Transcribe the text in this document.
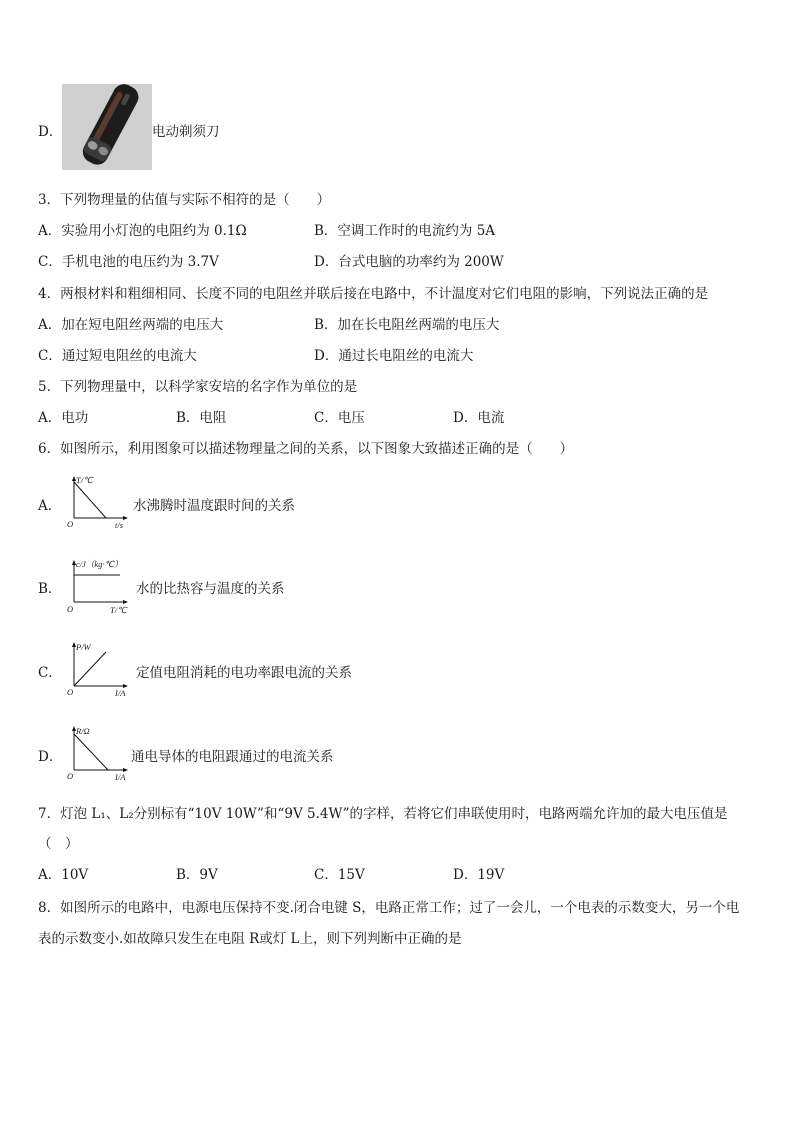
D．	电动剃须刀
3．下列物理量的估值与实际不相符的是（　　）
A．实验用小灯泡的电阻约为 0.1Ω	B．空调工作时的电流约为 5A
C．手机电池的电压约为 3.7V	D．台式电脑的功率约为 200W
4．两根材料和粗细相同、长度不同的电阻丝并联后接在电路中，不计温度对它们电阻的影响，下列说法正确的是
A．加在短电阻丝两端的电压大	B．加在长电阻丝两端的电压大
C．通过短电阻丝的电流大	D．通过长电阻丝的电流大
5．下列物理量中，以科学家安培的名字作为单位的是
A．电功	B．电阻	C．电压	D．电流
6．如图所示，利用图象可以描述物理量之间的关系，以下图象大致描述正确的是（　　）
A．
T/℃
t/s
O
水沸腾时温度跟时间的关系
B．
c/J（kg·℃）
T/℃
O
水的比热容与温度的关系
C．
P/W
I/A
O
定值电阻消耗的电功率跟电流的关系
D．
R/Ω
I/A
O
通电导体的电阻跟通过的电流关系
7．灯泡 L₁、L₂分别标有“10V 10W”和“9V 5.4W”的字样，若将它们串联使用时，电路两端允许加的最大电压值是
（　）
A．10V	B．9V	C．15V	D．19V
8．如图所示的电路中，电源电压保持不变.闭合电键 S，电路正常工作；过了一会儿，一个电表的示数变大，另一个电
表的示数变小.如故障只发生在电阻 R或灯 L上，则下列判断中正确的是
